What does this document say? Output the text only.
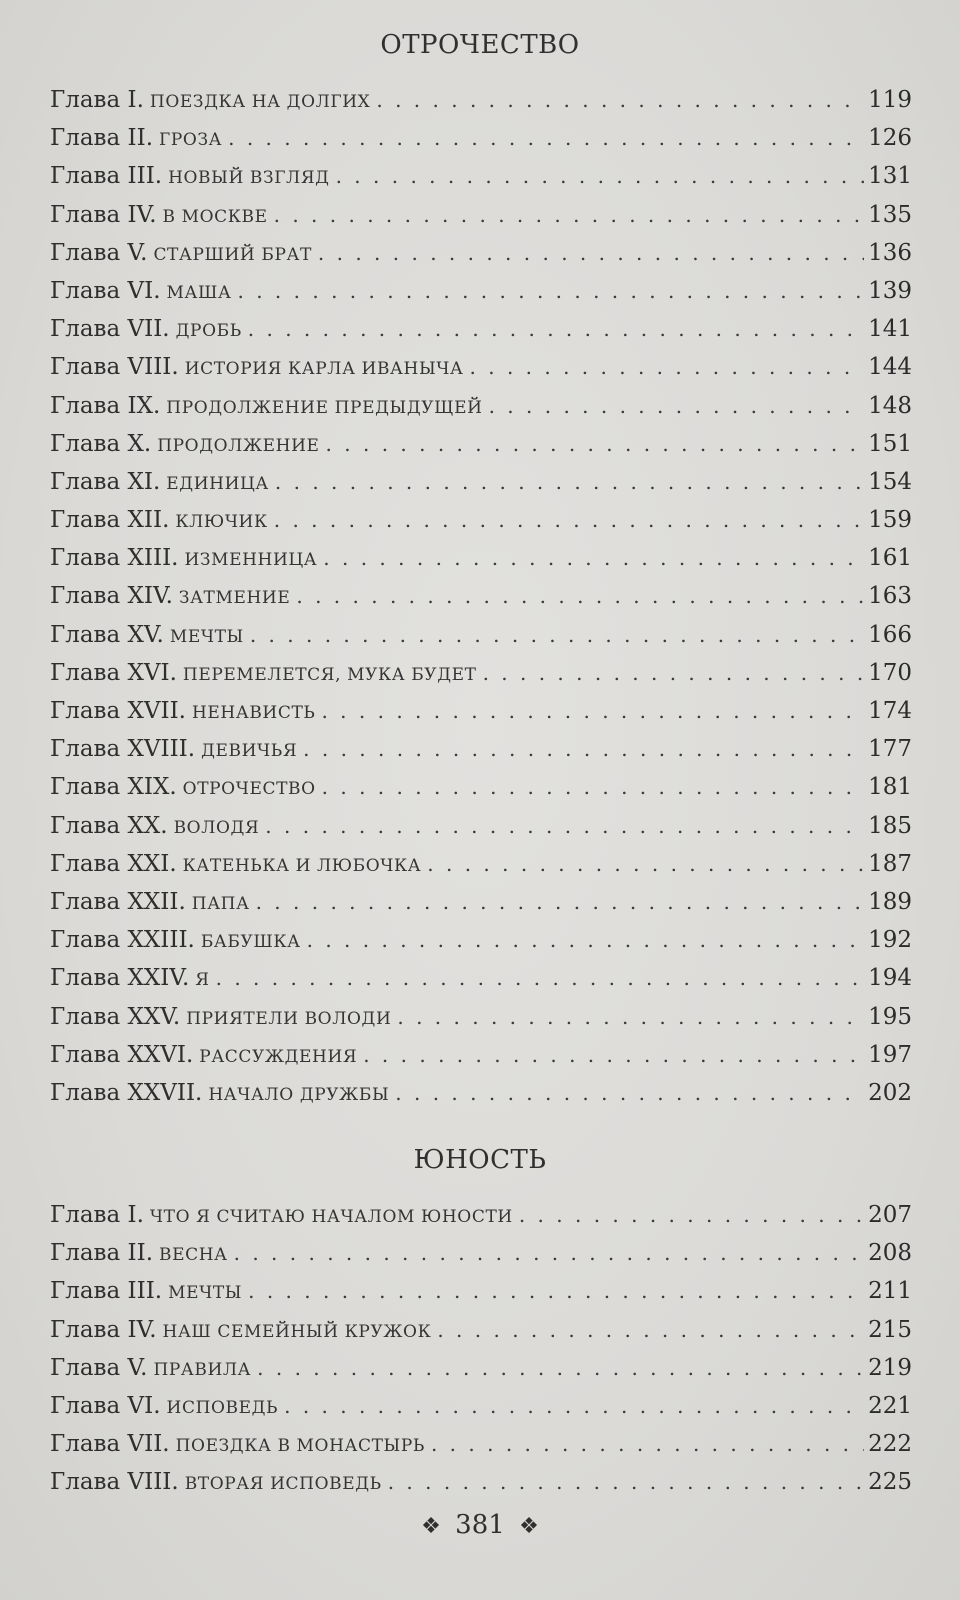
ОТРОЧЕСТВО
Глава I. ПОЕЗДКА НА ДОЛГИХ . . .	119
Глава II. ГРОЗА . . .	126
Глава III. НОВЫЙ ВЗГЛЯД . . .	131
Глава IV. В МОСКВЕ . . .	135
Глава V. СТАРШИЙ БРАТ . . .	136
Глава VI. МАША . . .	139
Глава VII. ДРОБЬ . . .	141
Глава VIII. ИСТОРИЯ КАРЛА ИВАНЫЧА . . .	144
Глава IX. ПРОДОЛЖЕНИЕ ПРЕДЫДУЩЕЙ . . .	148
Глава X. ПРОДОЛЖЕНИЕ . . .	151
Глава XI. ЕДИНИЦА . . .	154
Глава XII. КЛЮЧИК . . .	159
Глава XIII. ИЗМЕННИЦА . . .	161
Глава XIV. ЗАТМЕНИЕ . . .	163
Глава XV. МЕЧТЫ . . .	166
Глава XVI. ПЕРЕМЕЛЕТСЯ, МУКА БУДЕТ . . .	170
Глава XVII. НЕНАВИСТЬ . . .	174
Глава XVIII. ДЕВИЧЬЯ . . .	177
Глава XIX. ОТРОЧЕСТВО . . .	181
Глава XX. ВОЛОДЯ . . .	185
Глава XXI. КАТЕНЬКА И ЛЮБОЧКА . . .	187
Глава XXII. ПАПА . . .	189
Глава XXIII. БАБУШКА . . .	192
Глава XXIV. Я . . .	194
Глава XXV. ПРИЯТЕЛИ ВОЛОДИ . . .	195
Глава XXVI. РАССУЖДЕНИЯ . . .	197
Глава XXVII. НАЧАЛО ДРУЖБЫ . . .	202
ЮНОСТЬ
Глава I. ЧТО Я СЧИТАЮ НАЧАЛОМ ЮНОСТИ . . .	207
Глава II. ВЕСНА . . .	208
Глава III. МЕЧТЫ . . .	211
Глава IV. НАШ СЕМЕЙНЫЙ КРУЖОК . . .	215
Глава V. ПРАВИЛА . . .	219
Глава VI. ИСПОВЕДЬ . . .	221
Глава VII. ПОЕЗДКА В МОНАСТЫРЬ . . .	222
Глава VIII. ВТОРАЯ ИСПОВЕДЬ . . .	225
❖ 381 ❖
